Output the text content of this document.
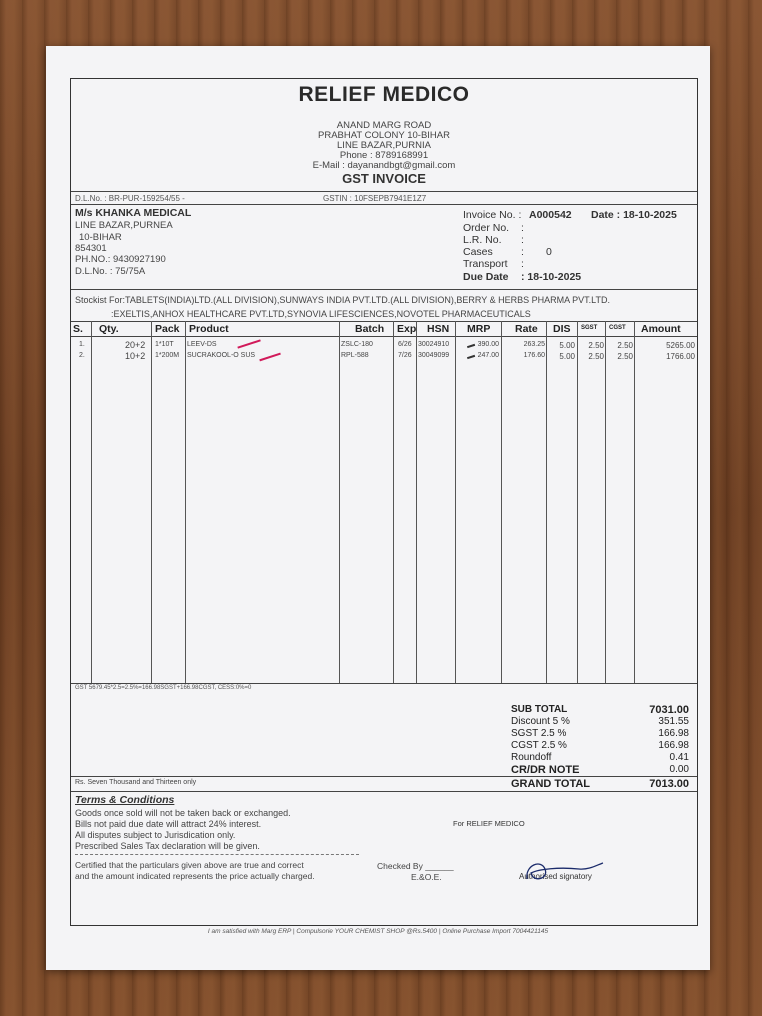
RELIEF MEDICO
ANAND MARG ROAD
PRABHAT COLONY 10-BIHAR
LINE BAZAR,PURNIA
Phone : 8789168991
E-Mail : dayanandbgt@gmail.com
GST INVOICE
D.L.No. : BR-PUR-159254/55 -	GSTIN : 10FSEPB7941E1Z7
M/s KHANKA MEDICAL
LINE BAZAR,PURNEA
10-BIHAR
854301
PH.NO.: 9430927190
D.L.No. : 75/75A
Invoice No. : A000542 Date : 18-10-2025
Order No. :
L.R. No. :
Cases	: 0
Transport :
Due Date : 18-10-2025
Stockist For:TABLETS(INDIA)LTD.(ALL DIVISION),SUNWAYS INDIA PVT.LTD.(ALL DIVISION),BERRY & HERBS PHARMA PVT.LTD.
:EXELTIS,ANHOX HEALTHCARE PVT.LTD,SYNOVIA LIFESCIENCES,NOVOTEL PHARMACEUTICALS
S. Qty.	Pack Product	Batch Exp HSN MRP Rate DIS SGST CGST Amount
1.	20+2 1*10T LEEV-DS	ZSLC-180	6/26 30024910	390.00	263.25	5.00	2.50	2.50	5265.00
2.	10+2 1*200M SUCRAKOOL-O SUS	RPL-588	7/26 30049099	247.00	176.60	5.00	2.50	2.50	1766.00
GST 5679.45*2.5=2.5%=166.98SGST+166.98CGST, CESS:0%=0
SUB TOTAL	7031.00
Discount 5 %	351.55
SGST 2.5 %	166.98
CGST 2.5 %	166.98
Roundoff	0.41
CR/DR NOTE	0.00
Rs. Seven Thousand and Thirteen only	GRAND TOTAL	7013.00
Terms & Conditions
Goods once sold will not be taken back or exchanged.
Bills not paid due date will attract 24% interest.
All disputes subject to Jurisdication only.
Prescribed Sales Tax declaration will be given.
For RELIEF MEDICO
Certified that the particulars given above are true and correct
and the amount indicated represents the price actually charged.
Checked By ______
E.&O.E.	Authorised signatory
I am satisfied with Marg ERP | Compulsorie YOUR CHEMIST SHOP @Rs.5400 | Online Purchase Import 7004421145
